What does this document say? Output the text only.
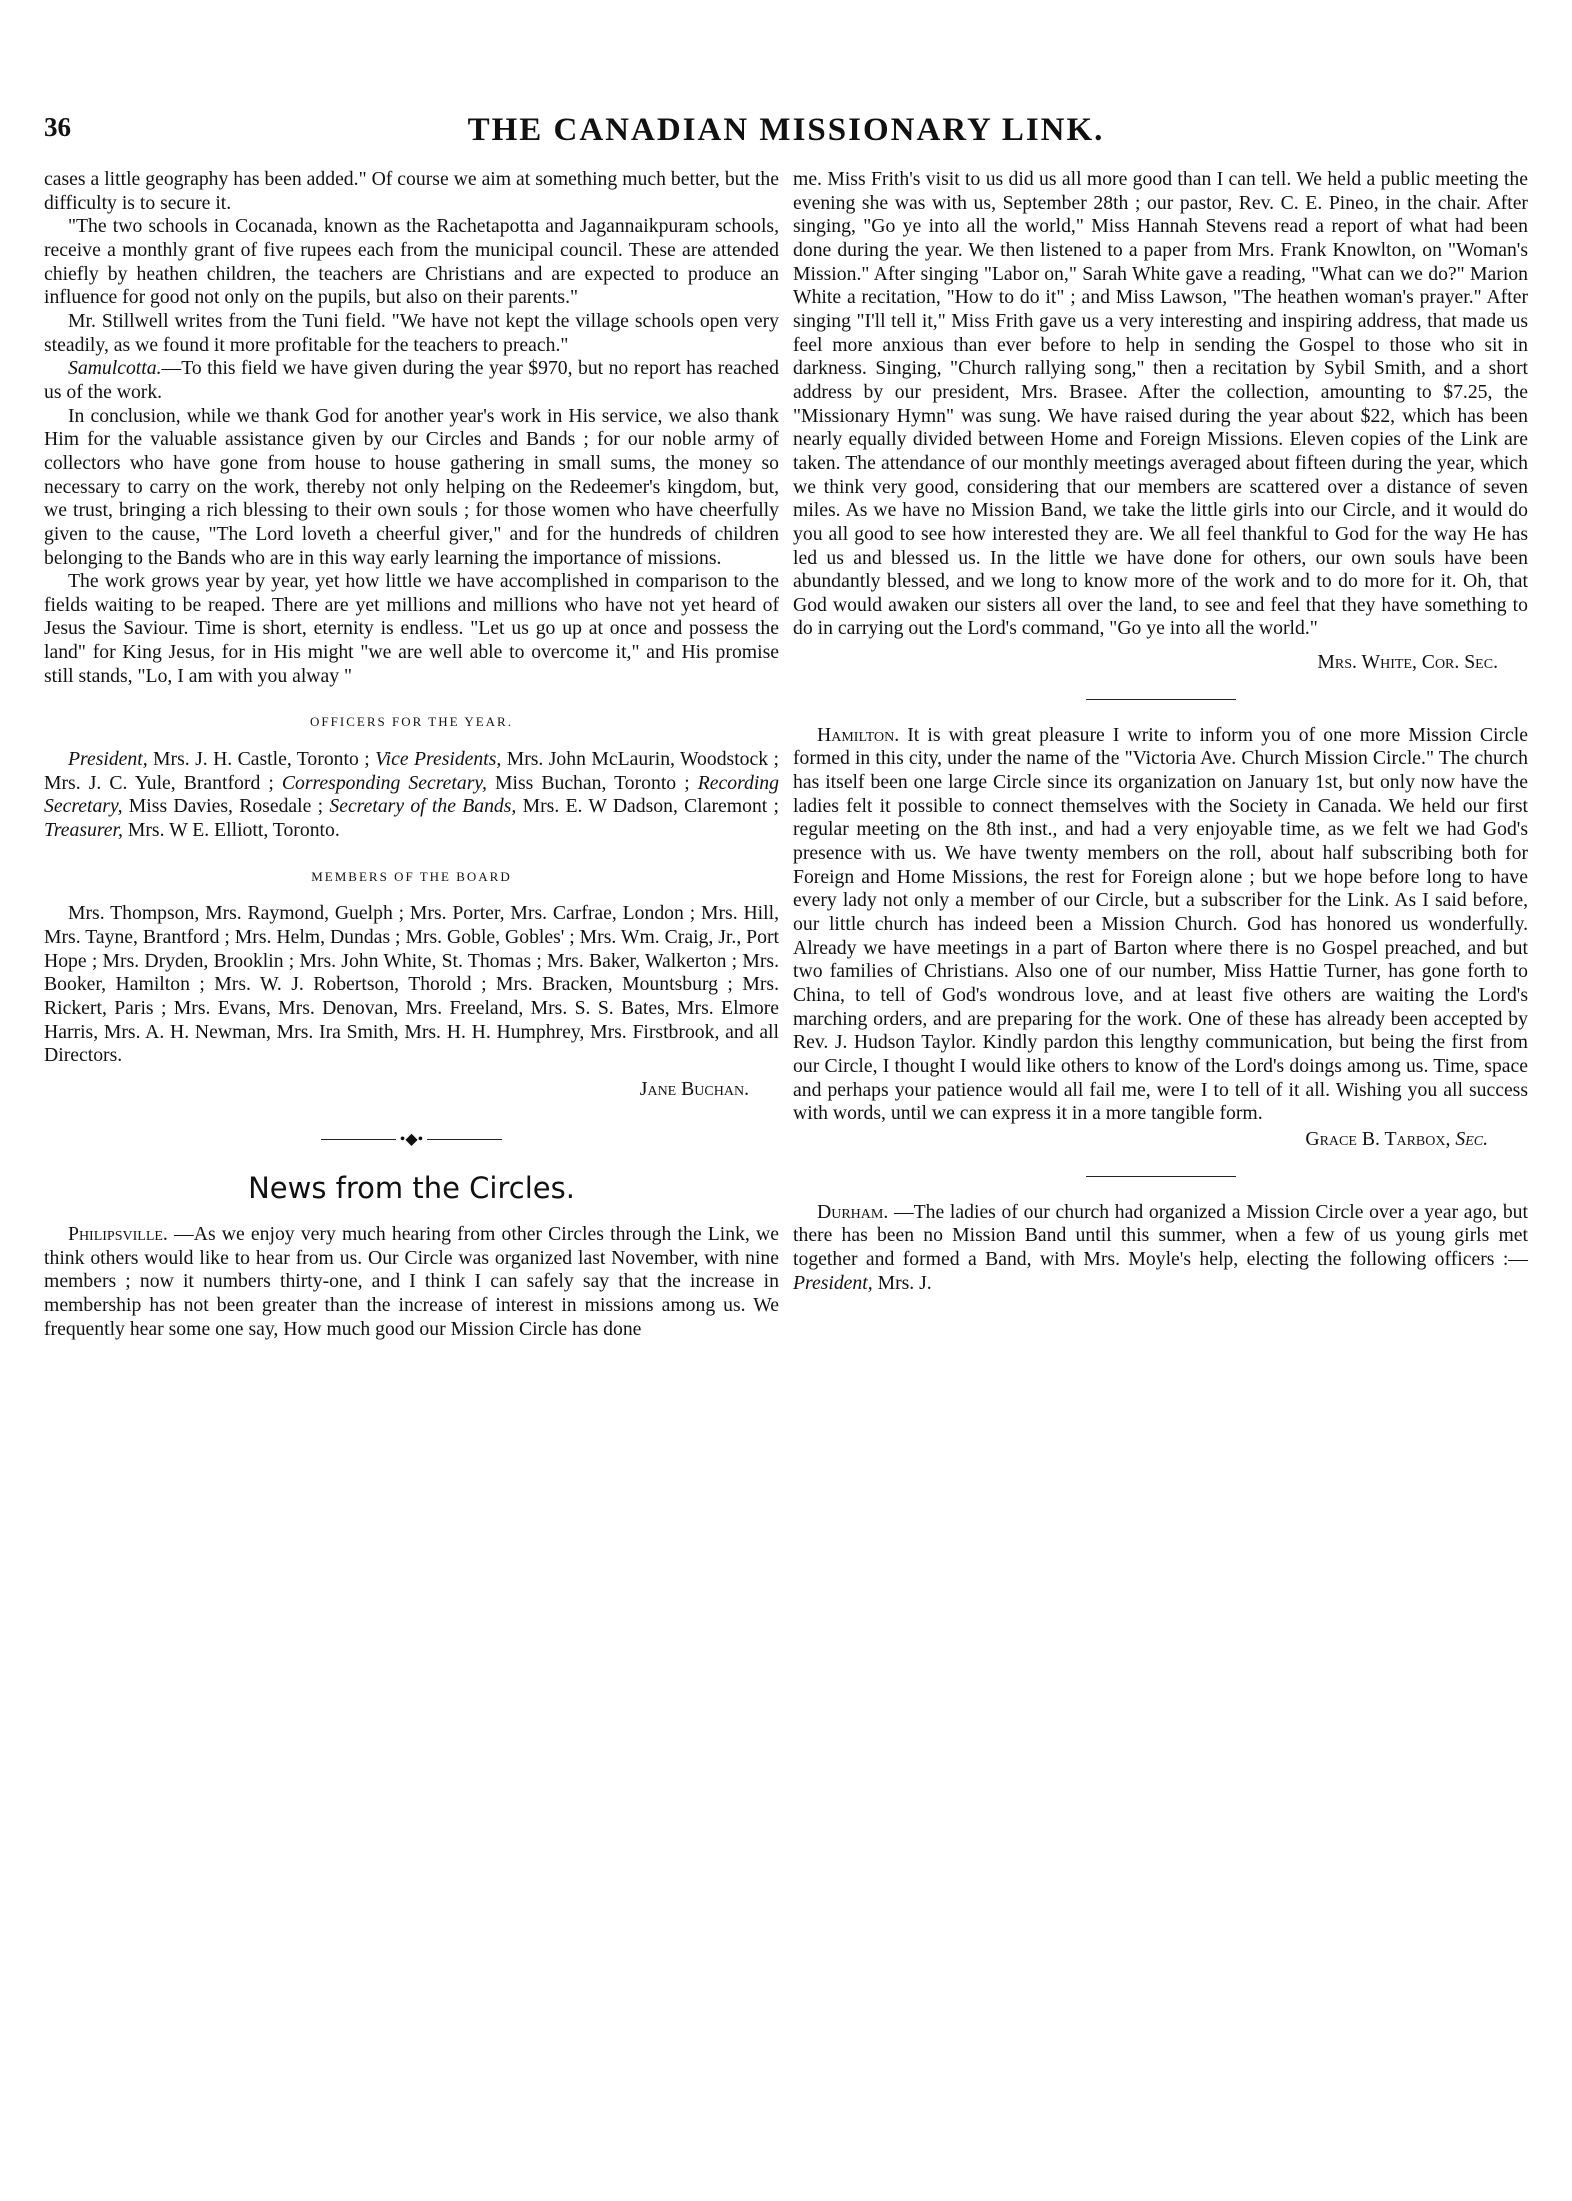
36	THE CANADIAN MISSIONARY LINK.

cases a little geography has been added." Of course we aim at something much better, but the difficulty is to secure it.

"The two schools in Cocanada, known as the Rachetapotta and Jagannaikpuram schools, receive a monthly grant of five rupees each from the municipal council. These are attended chiefly by heathen children, the teachers are Christians and are expected to produce an influence for good not only on the pupils, but also on their parents."

Mr. Stillwell writes from the Tuni field. "We have not kept the village schools open very steadily, as we found it more profitable for the teachers to preach."

Samulcotta.—To this field we have given during the year $970, but no report has reached us of the work.

In conclusion, while we thank God for another year's work in His service, we also thank Him for the valuable assistance given by our Circles and Bands ; for our noble army of collectors who have gone from house to house gathering in small sums, the money so necessary to carry on the work, thereby not only helping on the Redeemer's kingdom, but, we trust, bringing a rich blessing to their own souls ; for those women who have cheerfully given to the cause, "The Lord loveth a cheerful giver," and for the hundreds of children belonging to the Bands who are in this way early learning the importance of missions.

The work grows year by year, yet how little we have accomplished in comparison to the fields waiting to be reaped. There are yet millions and millions who have not yet heard of Jesus the Saviour. Time is short, eternity is endless. "Let us go up at once and possess the land" for King Jesus, for in His might "we are well able to overcome it," and His promise still stands, "Lo, I am with you alway "

OFFICERS FOR THE YEAR.

President, Mrs. J. H. Castle, Toronto ; Vice Presidents, Mrs. John McLaurin, Woodstock ; Mrs. J. C. Yule, Brantford ; Corresponding Secretary, Miss Buchan, Toronto ; Recording Secretary, Miss Davies, Rosedale ; Secretary of the Bands, Mrs. E. W Dadson, Claremont ; Treasurer, Mrs. W E. Elliott, Toronto.

MEMBERS OF THE BOARD

Mrs. Thompson, Mrs. Raymond, Guelph ; Mrs. Porter, Mrs. Carfrae, London ; Mrs. Hill, Mrs. Tayne, Brantford ; Mrs. Helm, Dundas ; Mrs. Goble, Gobles' ; Mrs. Wm. Craig, Jr., Port Hope ; Mrs. Dryden, Brooklin ; Mrs. John White, St. Thomas ; Mrs. Baker, Walkerton ; Mrs. Booker, Hamilton ; Mrs. W. J. Robertson, Thorold ; Mrs. Bracken, Mountsburg ; Mrs. Rickert, Paris ; Mrs. Evans, Mrs. Denovan, Mrs. Freeland, Mrs. S. S. Bates, Mrs. Elmore Harris, Mrs. A. H. Newman, Mrs. Ira Smith, Mrs. H. H. Humphrey, Mrs. Firstbrook, and all Directors.

Jane Buchan.
•◆•
News from the Circles.

Philipsville. —As we enjoy very much hearing from other Circles through the Link, we think others would like to hear from us. Our Circle was organized last November, with nine members ; now it numbers thirty-one, and I think I can safely say that the increase in membership has not been greater than the increase of interest in missions among us. We frequently hear some one say, How much good our Mission Circle has done

me. Miss Frith's visit to us did us all more good than I can tell. We held a public meeting the evening she was with us, September 28th ; our pastor, Rev. C. E. Pineo, in the chair. After singing, "Go ye into all the world," Miss Hannah Stevens read a report of what had been done during the year. We then listened to a paper from Mrs. Frank Knowlton, on "Woman's Mission." After singing "Labor on," Sarah White gave a reading, "What can we do?" Marion White a recitation, "How to do it" ; and Miss Lawson, "The heathen woman's prayer." After singing "I'll tell it," Miss Frith gave us a very interesting and inspiring address, that made us feel more anxious than ever before to help in sending the Gospel to those who sit in darkness. Singing, "Church rallying song," then a recitation by Sybil Smith, and a short address by our president, Mrs. Brasee. After the collection, amounting to $7.25, the "Missionary Hymn" was sung. We have raised during the year about $22, which has been nearly equally divided between Home and Foreign Missions. Eleven copies of the Link are taken. The attendance of our monthly meetings averaged about fifteen during the year, which we think very good, considering that our members are scattered over a distance of seven miles. As we have no Mission Band, we take the little girls into our Circle, and it would do you all good to see how interested they are. We all feel thankful to God for the way He has led us and blessed us. In the little we have done for others, our own souls have been abundantly blessed, and we long to know more of the work and to do more for it. Oh, that God would awaken our sisters all over the land, to see and feel that they have something to do in carrying out the Lord's command, "Go ye into all the world."

Mrs. White, Cor. Sec.

Hamilton. It is with great pleasure I write to inform you of one more Mission Circle formed in this city, under the name of the "Victoria Ave. Church Mission Circle." The church has itself been one large Circle since its organization on January 1st, but only now have the ladies felt it possible to connect themselves with the Society in Canada. We held our first regular meeting on the 8th inst., and had a very enjoyable time, as we felt we had God's presence with us. We have twenty members on the roll, about half subscribing both for Foreign and Home Missions, the rest for Foreign alone ; but we hope before long to have every lady not only a member of our Circle, but a subscriber for the Link. As I said before, our little church has indeed been a Mission Church. God has honored us wonderfully. Already we have meetings in a part of Barton where there is no Gospel preached, and but two families of Christians. Also one of our number, Miss Hattie Turner, has gone forth to China, to tell of God's wondrous love, and at least five others are waiting the Lord's marching orders, and are preparing for the work. One of these has already been accepted by Rev. J. Hudson Taylor. Kindly pardon this lengthy communication, but being the first from our Circle, I thought I would like others to know of the Lord's doings among us. Time, space and perhaps your patience would all fail me, were I to tell of it all. Wishing you all success with words, until we can express it in a more tangible form.

Grace B. Tarbox, Sec.

Durham. —The ladies of our church had organized a Mission Circle over a year ago, but there has been no Mission Band until this summer, when a few of us young girls met together and formed a Band, with Mrs. Moyle's help, electing the following officers :—President, Mrs. J.
